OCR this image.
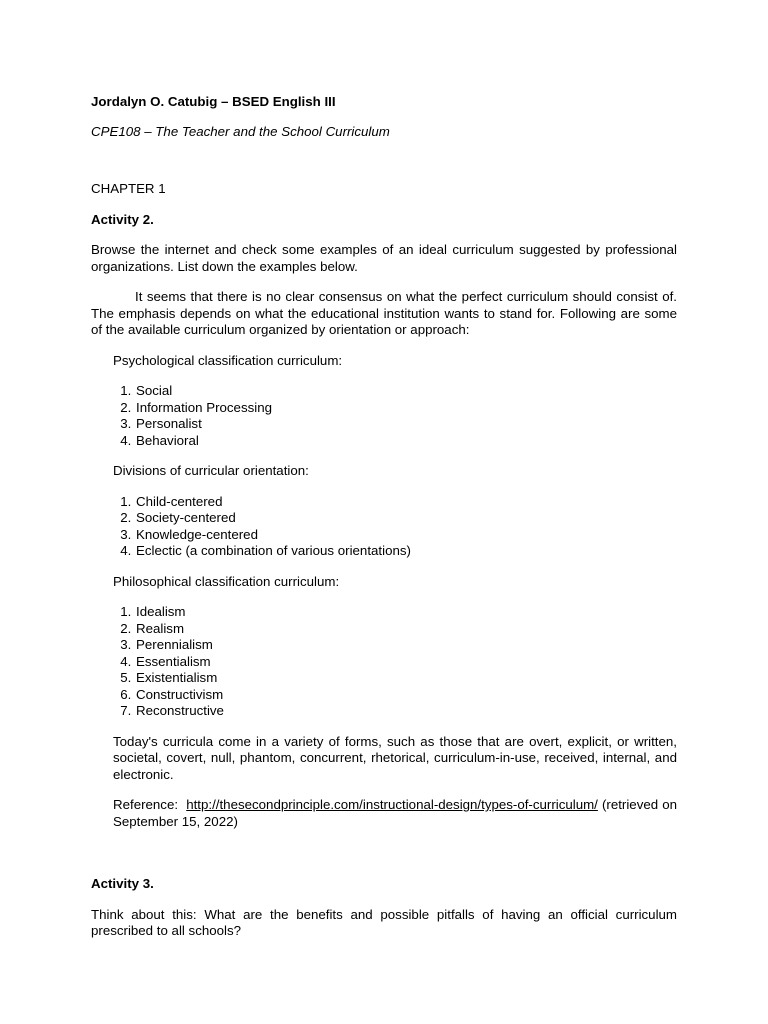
Jordalyn O. Catubig – BSED English III

CPE108 – The Teacher and the School Curriculum

CHAPTER 1

Activity 2.

Browse the internet and check some examples of an ideal curriculum suggested by professional organizations. List down the examples below.

It seems that there is no clear consensus on what the perfect curriculum should consist of. The emphasis depends on what the educational institution wants to stand for. Following are some of the available curriculum organized by orientation or approach:

Psychological classification curriculum:

1. Social
2. Information Processing
3. Personalist
4. Behavioral

Divisions of curricular orientation:

1. Child-centered
2. Society-centered
3. Knowledge-centered
4. Eclectic (a combination of various orientations)

Philosophical classification curriculum:

1. Idealism
2. Realism
3. Perennialism
4. Essentialism
5. Existentialism
6. Constructivism
7. Reconstructive

Today's curricula come in a variety of forms, such as those that are overt, explicit, or written, societal, covert, null, phantom, concurrent, rhetorical, curriculum-in-use, received, internal, and electronic.

Reference: http://thesecondprinciple.com/instructional-design/types-of-curriculum/ (retrieved on September 15, 2022)

Activity 3.

Think about this: What are the benefits and possible pitfalls of having an official curriculum prescribed to all schools?
